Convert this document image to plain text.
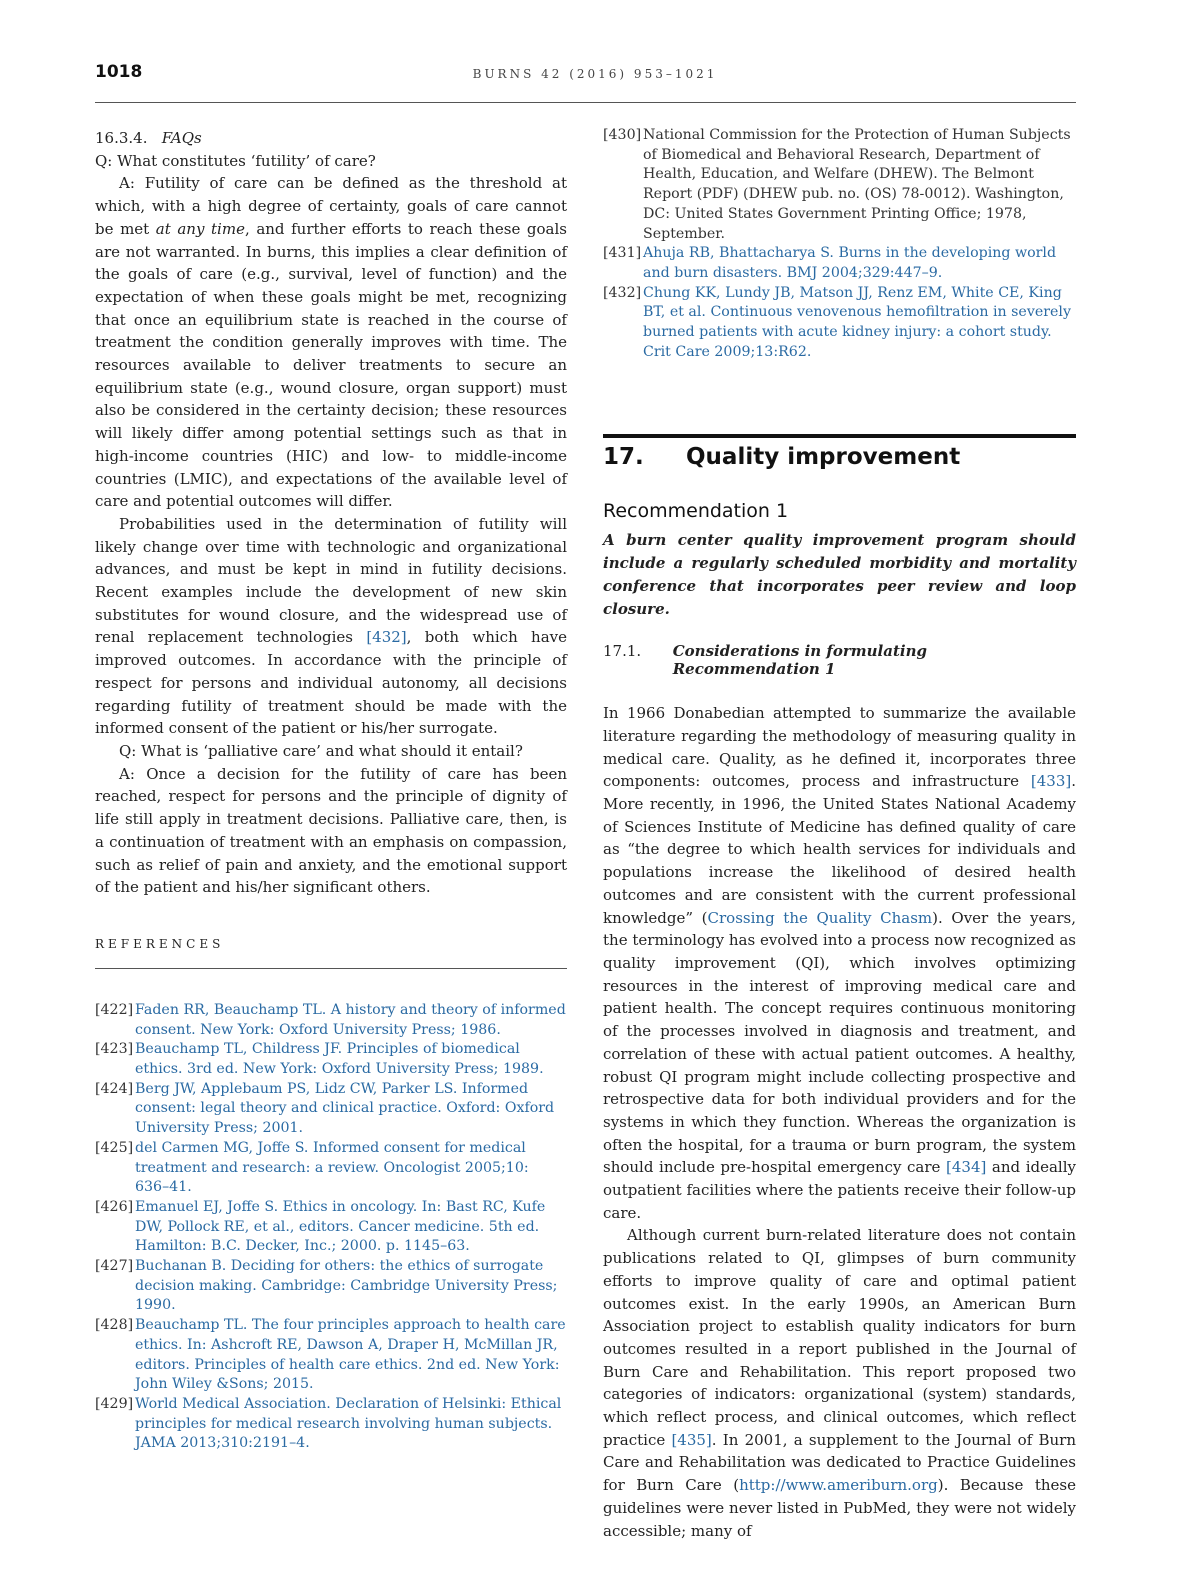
1018	BURNS 42 (2016) 953–1021
16.3.4. FAQs

Q: What constitutes ‘futility’ of care?

A: Futility of care can be defined as the threshold at which, with a high degree of certainty, goals of care cannot be met at any time, and further efforts to reach these goals are not warranted. In burns, this implies a clear definition of the goals of care (e.g., survival, level of function) and the expectation of when these goals might be met, recognizing that once an equilibrium state is reached in the course of treatment the condition generally improves with time. The resources available to deliver treatments to secure an equilibrium state (e.g., wound closure, organ support) must also be considered in the certainty decision; these resources will likely differ among potential settings such as that in high-income countries (HIC) and low- to middle-income countries (LMIC), and expectations of the available level of care and potential outcomes will differ.

Probabilities used in the determination of futility will likely change over time with technologic and organizational advances, and must be kept in mind in futility decisions. Recent examples include the development of new skin substitutes for wound closure, and the widespread use of renal replacement technologies [432], both which have improved outcomes. In accordance with the principle of respect for persons and individual autonomy, all decisions regarding futility of treatment should be made with the informed consent of the patient or his/her surrogate.

Q: What is ‘palliative care’ and what should it entail?

A: Once a decision for the futility of care has been reached, respect for persons and the principle of dignity of life still apply in treatment decisions. Palliative care, then, is a continuation of treatment with an emphasis on compassion, such as relief of pain and anxiety, and the emotional support of the patient and his/her significant others.

REFERENCES
[422] Faden RR, Beauchamp TL. A history and theory of informed consent. New York: Oxford University Press; 1986.
[423] Beauchamp TL, Childress JF. Principles of biomedical ethics. 3rd ed. New York: Oxford University Press; 1989.
[424] Berg JW, Applebaum PS, Lidz CW, Parker LS. Informed consent: legal theory and clinical practice. Oxford: Oxford University Press; 2001.
[425] del Carmen MG, Joffe S. Informed consent for medical treatment and research: a review. Oncologist 2005;10: 636–41.
[426] Emanuel EJ, Joffe S. Ethics in oncology. In: Bast RC, Kufe DW, Pollock RE, et al., editors. Cancer medicine. 5th ed. Hamilton: B.C. Decker, Inc.; 2000. p. 1145–63.
[427] Buchanan B. Deciding for others: the ethics of surrogate decision making. Cambridge: Cambridge University Press; 1990.
[428] Beauchamp TL. The four principles approach to health care ethics. In: Ashcroft RE, Dawson A, Draper H, McMillan JR, editors. Principles of health care ethics. 2nd ed. New York: John Wiley &Sons; 2015.
[429] World Medical Association. Declaration of Helsinki: Ethical principles for medical research involving human subjects. JAMA 2013;310:2191–4.
[430] National Commission for the Protection of Human Subjects of Biomedical and Behavioral Research, Department of Health, Education, and Welfare (DHEW). The Belmont Report (PDF) (DHEW pub. no. (OS) 78-0012). Washington, DC: United States Government Printing Office; 1978, September.
[431] Ahuja RB, Bhattacharya S. Burns in the developing world and burn disasters. BMJ 2004;329:447–9.
[432] Chung KK, Lundy JB, Matson JJ, Renz EM, White CE, King BT, et al. Continuous venovenous hemofiltration in severely burned patients with acute kidney injury: a cohort study. Crit Care 2009;13:R62.
17.	Quality improvement
Recommendation 1
A burn center quality improvement program should include a regularly scheduled morbidity and mortality conference that incorporates peer review and loop closure.
17.1.	Considerations in formulating Recommendation 1

In 1966 Donabedian attempted to summarize the available literature regarding the methodology of measuring quality in medical care. Quality, as he defined it, incorporates three components: outcomes, process and infrastructure [433]. More recently, in 1996, the United States National Academy of Sciences Institute of Medicine has defined quality of care as “the degree to which health services for individuals and populations increase the likelihood of desired health outcomes and are consistent with the current professional knowledge” (Crossing the Quality Chasm). Over the years, the terminology has evolved into a process now recognized as quality improvement (QI), which involves optimizing resources in the interest of improving medical care and patient health. The concept requires continuous monitoring of the processes involved in diagnosis and treatment, and correlation of these with actual patient outcomes. A healthy, robust QI program might include collecting prospective and retrospective data for both individual providers and for the systems in which they function. Whereas the organization is often the hospital, for a trauma or burn program, the system should include pre-hospital emergency care [434] and ideally outpatient facilities where the patients receive their follow-up care.

Although current burn-related literature does not contain publications related to QI, glimpses of burn community efforts to improve quality of care and optimal patient outcomes exist. In the early 1990s, an American Burn Association project to establish quality indicators for burn outcomes resulted in a report published in the Journal of Burn Care and Rehabilitation. This report proposed two categories of indicators: organizational (system) standards, which reflect process, and clinical outcomes, which reflect practice [435]. In 2001, a supplement to the Journal of Burn Care and Rehabilitation was dedicated to Practice Guidelines for Burn Care (http://www.ameriburn.org). Because these guidelines were never listed in PubMed, they were not widely accessible; many of
